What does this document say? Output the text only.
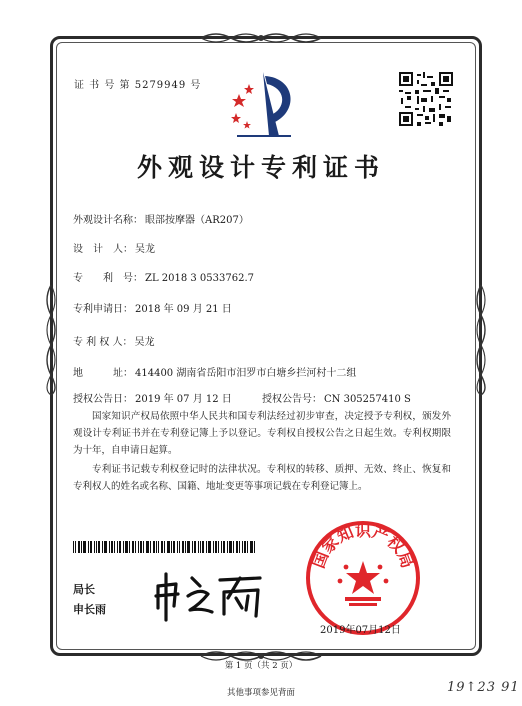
证 书 号 第 5279949 号
外观设计专利证书
外观设计名称： 眼部按摩器（AR207）
设　计　人： 吴龙
专　　利　号： ZL 2018 3 0533762.7
专利申请日： 2018 年 09 月 21 日
专 利 权 人： 吴龙
地　　　址： 414400 湖南省岳阳市汨罗市白塘乡拦河村十二组
授权公告日： 2019 年 07 月 12 日	授权公告号： CN 305257410 S
国家知识产权局依照中华人民共和国专利法经过初步审查，决定授予专利权，颁发外观设计专利证书并在专利登记簿上予以登记。专利权自授权公告之日起生效。专利权期限为十年，自申请日起算。
专利证书记载专利权登记时的法律状况。专利权的转移、质押、无效、终止、恢复和专利权人的姓名或名称、国籍、地址变更等事项记载在专利登记簿上。
局长
申长雨
国家知识产权局
2019年07月12日
第 1 页（共 2 页）
其他事项参见背面	19↑23 91
